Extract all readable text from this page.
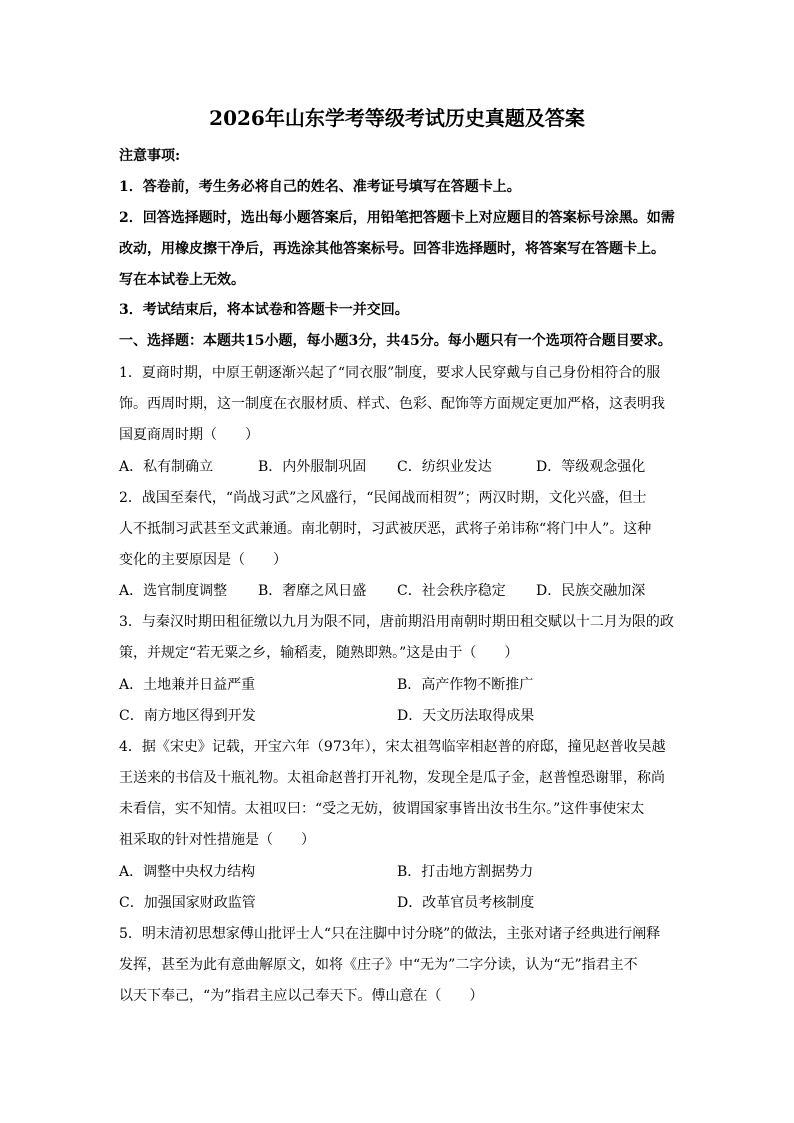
2026年山东学考等级考试历史真题及答案
注意事项:
1．答卷前，考生务必将自己的姓名、准考证号填写在答题卡上。
2．回答选择题时，选出每小题答案后，用铅笔把答题卡上对应题目的答案标号涂黑。如需
改动，用橡皮擦干净后，再选涂其他答案标号。回答非选择题时，将答案写在答题卡上。
写在本试卷上无效。
3．考试结束后，将本试卷和答题卡一并交回。
一、选择题：本题共15小题，每小题3分，共45分。每小题只有一个选项符合题目要求。
1．夏商时期，中原王朝逐渐兴起了“同衣服”制度，要求人民穿戴与自己身份相符合的服
饰。西周时期，这一制度在衣服材质、样式、色彩、配饰等方面规定更加严格，这表明我
国夏商周时期（　　）
A．私有制确立	B．内外服制巩固 C．纺织业发达	D．等级观念强化
2．战国至秦代，“尚战习武”之风盛行，“民闻战而相贺”；两汉时期，文化兴盛，但士
人不抵制习武甚至文武兼通。南北朝时，习武被厌恶，武将子弟讳称“将门中人”。这种
变化的主要原因是（　　）
A．选官制度调整 B．奢靡之风日盛 C．社会秩序稳定 D．民族交融加深
3．与秦汉时期田租征缴以九月为限不同，唐前期沿用南朝时期田租交赋以十二月为限的政
策，并规定“若无粟之乡，输稻麦，随熟即熟。”这是由于（　　）
A．土地兼并日益严重	B．高产作物不断推广
C．南方地区得到开发	D．天文历法取得成果
4．据《宋史》记载，开宝六年（973年），宋太祖驾临宰相赵普的府邸，撞见赵普收吴越
王送来的书信及十瓶礼物。太祖命赵普打开礼物，发现全是瓜子金，赵普惶恐谢罪，称尚
未看信，实不知情。太祖叹曰：“受之无妨，彼谓国家事皆出汝书生尔。”这件事使宋太
祖采取的针对性措施是（　　）
A．调整中央权力结构	B．打击地方割据势力
C．加强国家财政监管	D．改革官员考核制度
5．明末清初思想家傅山批评士人“只在注脚中讨分晓”的做法，主张对诸子经典进行阐释
发挥，甚至为此有意曲解原文，如将《庄子》中“无为”二字分读，认为“无”指君主不
以天下奉己，“为”指君主应以己奉天下。傅山意在（　　）
